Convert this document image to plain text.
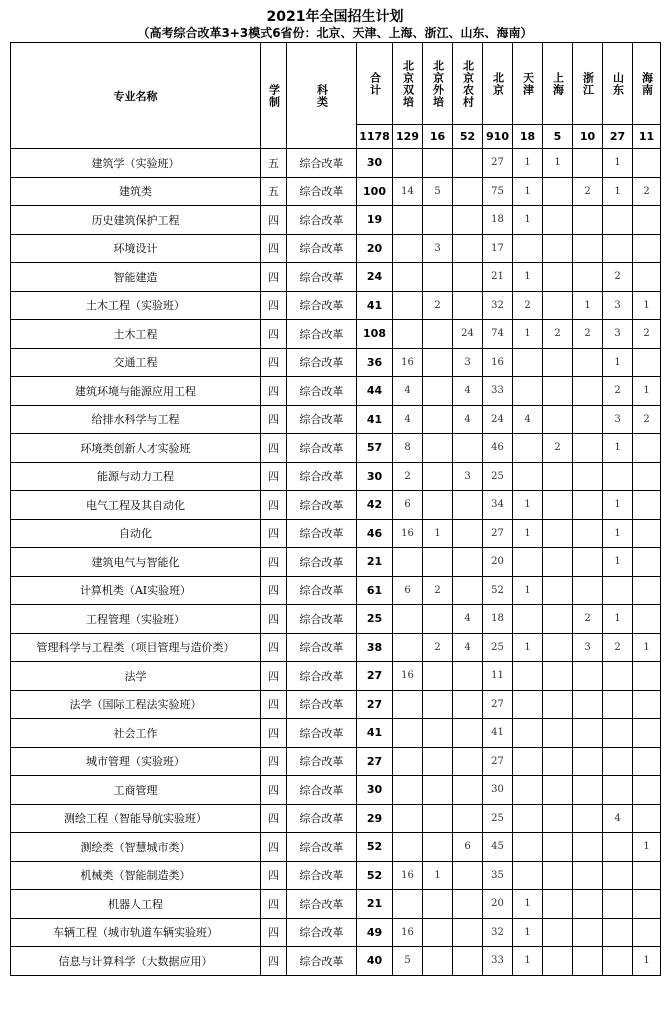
2021年全国招生计划
（高考综合改革3+3模式6省份：北京、天津、上海、浙江、山东、海南）
专业名称	学制	科类	合计	北京双培	北京外培	北京农村	北京	天津	上海	浙江	山东	海南

			1178	129	16	52	910	18	5	10	27	11
建筑学（实验班）	五	综合改革	30				27	1	1		1	
建筑类	五	综合改革	100	14	5		75	1		2	1	2
历史建筑保护工程	四	综合改革	19				18	1				
环境设计	四	综合改革	20		3		17					
智能建造	四	综合改革	24				21	1			2	
土木工程（实验班）	四	综合改革	41		2		32	2		1	3	1
土木工程	四	综合改革	108			24	74	1	2	2	3	2
交通工程	四	综合改革	36	16		3	16				1	
建筑环境与能源应用工程	四	综合改革	44	4		4	33				2	1
给排水科学与工程	四	综合改革	41	4		4	24	4			3	2
环境类创新人才实验班	四	综合改革	57	8			46		2		1	
能源与动力工程	四	综合改革	30	2		3	25					
电气工程及其自动化	四	综合改革	42	6			34	1			1	
自动化	四	综合改革	46	16	1		27	1			1	
建筑电气与智能化	四	综合改革	21				20				1	
计算机类（AI实验班）	四	综合改革	61	6	2		52	1				
工程管理（实验班）	四	综合改革	25			4	18			2	1	
管理科学与工程类（项目管理与造价类）	四	综合改革	38		2	4	25	1		3	2	1
法学	四	综合改革	27	16			11					
法学（国际工程法实验班）	四	综合改革	27				27					
社会工作	四	综合改革	41				41					
城市管理（实验班）	四	综合改革	27				27					
工商管理	四	综合改革	30				30					
测绘工程（智能导航实验班）	四	综合改革	29				25				4	
测绘类（智慧城市类）	四	综合改革	52			6	45					1
机械类（智能制造类）	四	综合改革	52	16	1		35					
机器人工程	四	综合改革	21				20	1				
车辆工程（城市轨道车辆实验班）	四	综合改革	49	16			32	1				
信息与计算科学（大数据应用）	四	综合改革	40	5			33	1				1
